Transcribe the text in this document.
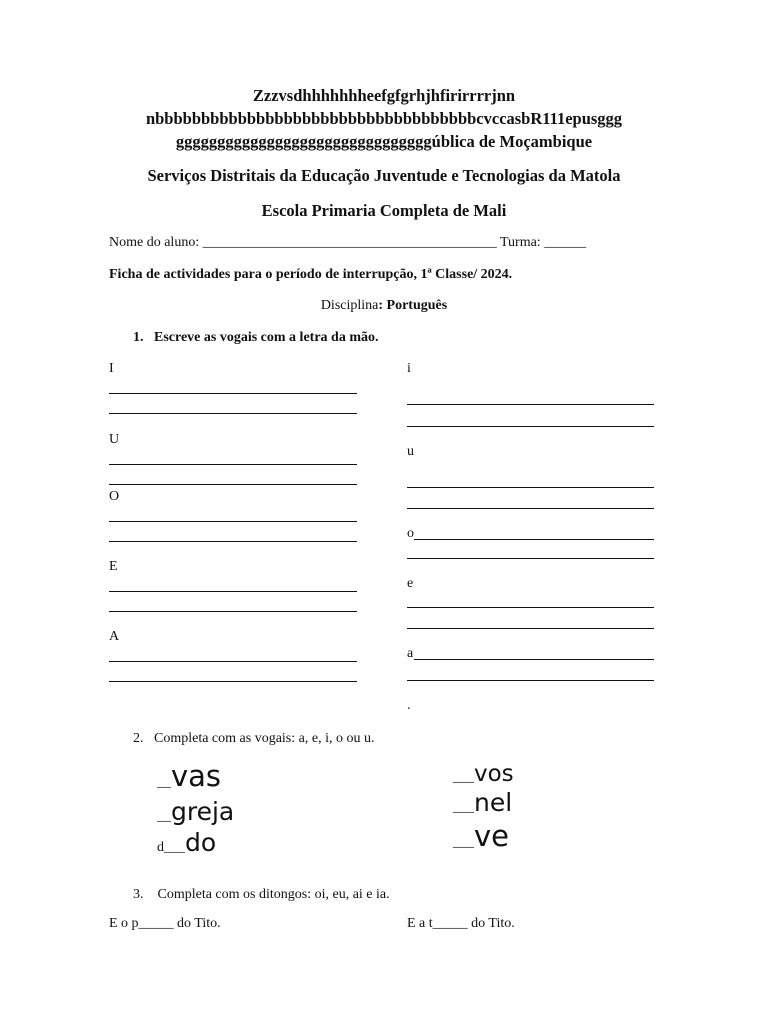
Zzzvsdhhhhhhheefgfgrhjhfirirrrrjnn
nbbbbbbbbbbbbbbbbbbbbbbbbbbbbbbbbbbbcvccasbR111epusggg
gggggggggggggggggggggggggggggggública de Moçambique
Serviços Distritais da Educação Juventude e Tecnologias da Matola
Escola Primaria Completa de Mali
Nome do aluno: __________________________________________ Turma: ______
Ficha de actividades para o período de interrupção, 1ª Classe/ 2024.
Disciplina: Português
1. Escreve as vogais com a letra da mão.
I
U
O
E
A
i
u
o
e
a
.
2. Completa com as vogais: a, e, i, o ou u.
__vas
__greja
d___do
___vos
___nel
___ve
3. Completa com os ditongos: oi, eu, ai e ia.
E o p_____ do Tito.	E a t_____ do Tito.
